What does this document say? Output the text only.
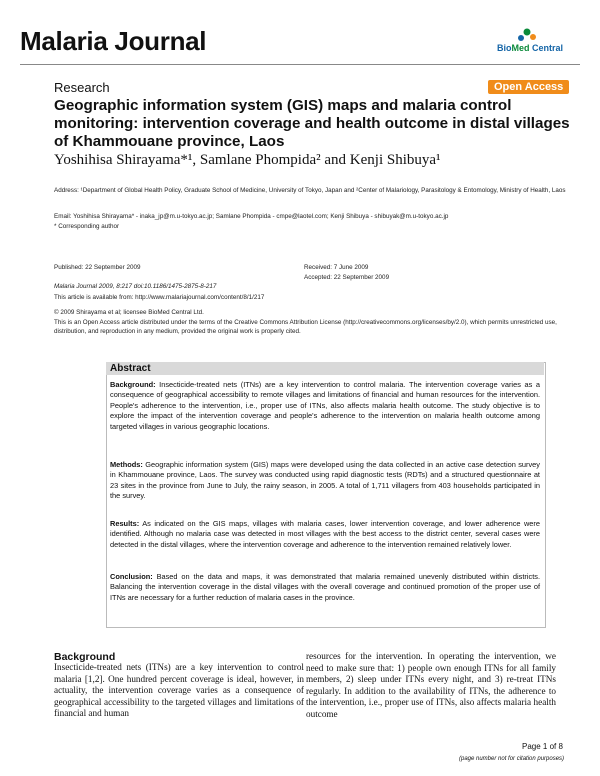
Malaria Journal	BioMed Central
Research	Open Access
Geographic information system (GIS) maps and malaria control monitoring: intervention coverage and health outcome in distal villages of Khammouane province, Laos
Yoshihisa Shirayama*¹, Samlane Phompida² and Kenji Shibuya¹
Address: ¹Department of Global Health Policy, Graduate School of Medicine, University of Tokyo, Japan and ²Center of Malariology, Parasitology & Entomology, Ministry of Health, Laos
Email: Yoshihisa Shirayama* - inaka_jp@m.u-tokyo.ac.jp; Samlane Phompida - cmpe@laotel.com; Kenji Shibuya - shibuyak@m.u-tokyo.ac.jp
* Corresponding author
Published: 22 September 2009	Received: 7 June 2009
Accepted: 22 September 2009
Malaria Journal 2009, 8:217 doi:10.1186/1475-2875-8-217
This article is available from: http://www.malariajournal.com/content/8/1/217
© 2009 Shirayama et al; licensee BioMed Central Ltd.
This is an Open Access article distributed under the terms of the Creative Commons Attribution License (http://creativecommons.org/licenses/by/2.0), which permits unrestricted use, distribution, and reproduction in any medium, provided the original work is properly cited.
Abstract
Background: Insecticide-treated nets (ITNs) are a key intervention to control malaria. The intervention coverage varies as a consequence of geographical accessibility to remote villages and limitations of financial and human resources for the intervention. People's adherence to the intervention, i.e., proper use of ITNs, also affects malaria health outcome. The study objective is to explore the impact of the intervention coverage and people's adherence to the intervention on malaria health outcome among targeted villages in various geographic locations.
Methods: Geographic information system (GIS) maps were developed using the data collected in an active case detection survey in Khammouane province, Laos. The survey was conducted using rapid diagnostic tests (RDTs) and a structured questionnaire at 23 sites in the province from June to July, the rainy season, in 2005. A total of 1,711 villagers from 403 households participated in the survey.
Results: As indicated on the GIS maps, villages with malaria cases, lower intervention coverage, and lower adherence were identified. Although no malaria case was detected in most villages with the best access to the district center, several cases were detected in the distal villages, where the intervention coverage and adherence to the intervention remained relatively lower.
Conclusion: Based on the data and maps, it was demonstrated that malaria remained unevenly distributed within districts. Balancing the intervention coverage in the distal villages with the overall coverage and continued promotion of the proper use of ITNs are necessary for a further reduction of malaria cases in the province.
Background
Insecticide-treated nets (ITNs) are a key intervention to control malaria [1,2]. One hundred percent coverage is ideal, however, in actuality, the intervention coverage varies as a consequence of geographical accessibility to the targeted villages and limitations of financial and human
resources for the intervention. In operating the intervention, we need to make sure that: 1) people own enough ITNs for all family members, 2) sleep under ITNs every night, and 3) re-treat ITNs regularly. In addition to the availability of ITNs, the adherence to the intervention, i.e., proper use of ITNs, also affects malaria health outcome
Page 1 of 8
(page number not for citation purposes)
